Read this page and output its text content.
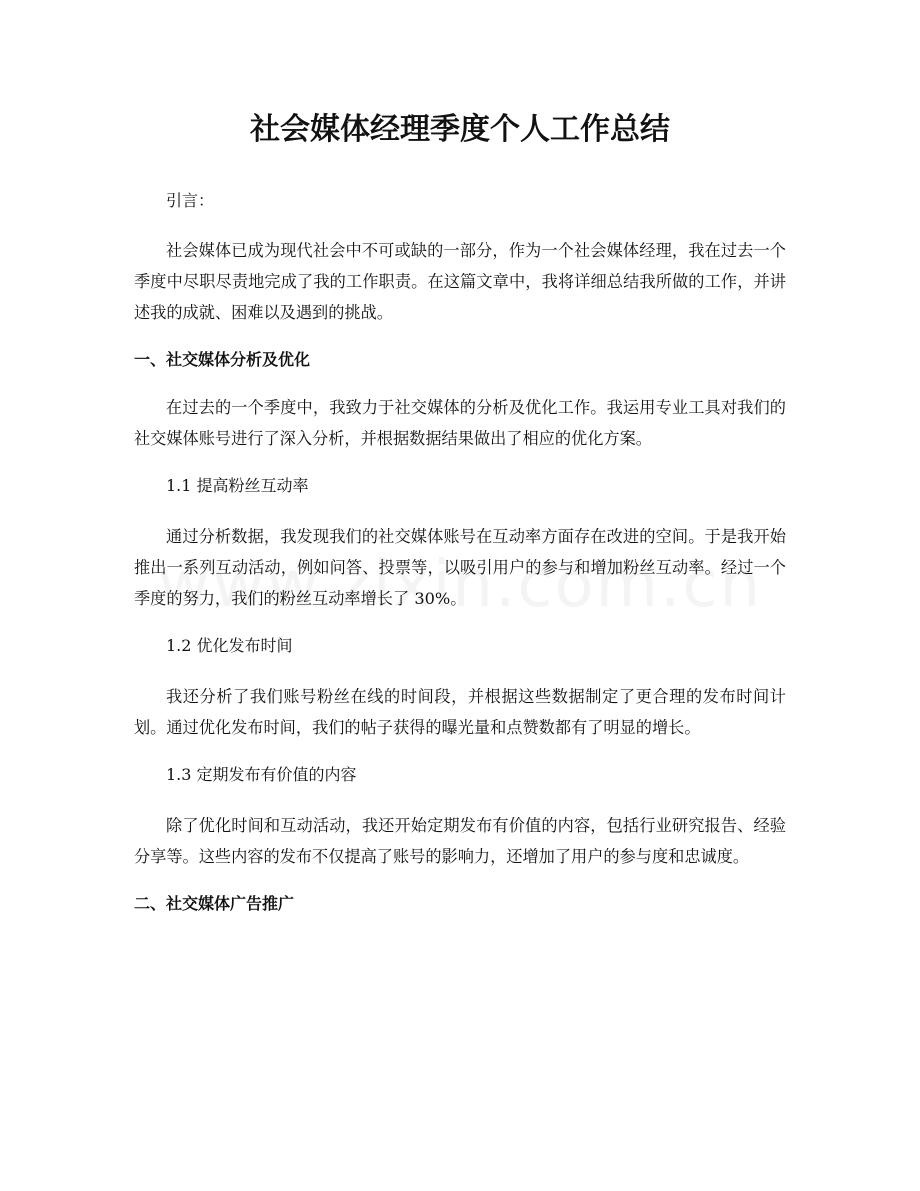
社会媒体经理季度个人工作总结

引言：

社会媒体已成为现代社会中不可或缺的一部分，作为一个社会媒体经理，我在过去一个季度中尽职尽责地完成了我的工作职责。在这篇文章中，我将详细总结我所做的工作，并讲述我的成就、困难以及遇到的挑战。

一、社交媒体分析及优化

在过去的一个季度中，我致力于社交媒体的分析及优化工作。我运用专业工具对我们的社交媒体账号进行了深入分析，并根据数据结果做出了相应的优化方案。

1.1 提高粉丝互动率

通过分析数据，我发现我们的社交媒体账号在互动率方面存在改进的空间。于是我开始推出一系列互动活动，例如问答、投票等，以吸引用户的参与和增加粉丝互动率。经过一个季度的努力，我们的粉丝互动率增长了 30%。

1.2 优化发布时间

我还分析了我们账号粉丝在线的时间段，并根据这些数据制定了更合理的发布时间计划。通过优化发布时间，我们的帖子获得的曝光量和点赞数都有了明显的增长。

1.3 定期发布有价值的内容

除了优化时间和互动活动，我还开始定期发布有价值的内容，包括行业研究报告、经验分享等。这些内容的发布不仅提高了账号的影响力，还增加了用户的参与度和忠诚度。

二、社交媒体广告推广
